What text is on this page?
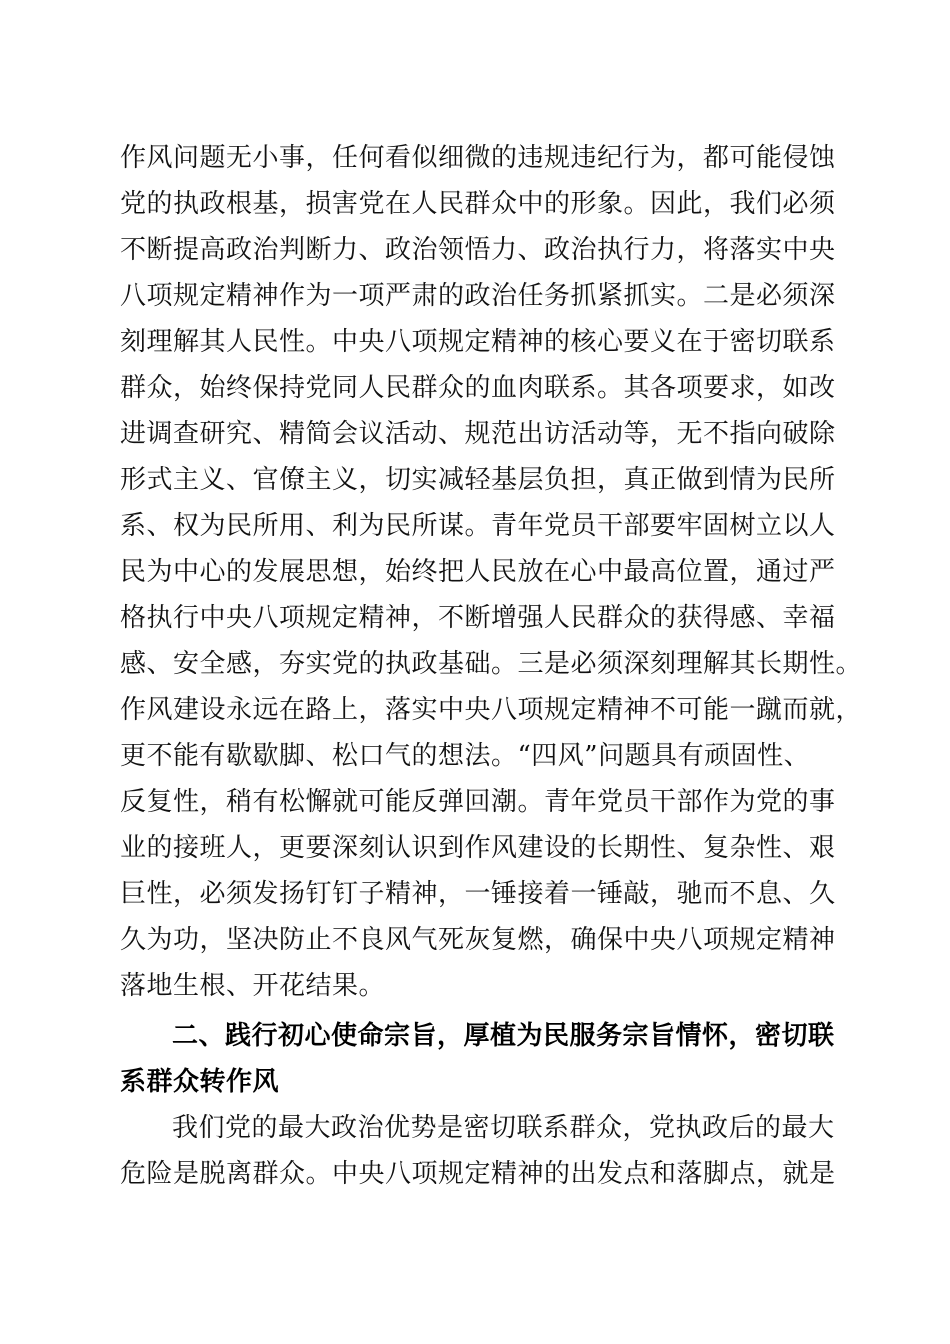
作风问题无小事，任何看似细微的违规违纪行为，都可能侵蚀
党的执政根基，损害党在人民群众中的形象。因此，我们必须
不断提高政治判断力、政治领悟力、政治执行力，将落实中央
八项规定精神作为一项严肃的政治任务抓紧抓实。二是必须深
刻理解其人民性。中央八项规定精神的核心要义在于密切联系
群众，始终保持党同人民群众的血肉联系。其各项要求，如改
进调查研究、精简会议活动、规范出访活动等，无不指向破除
形式主义、官僚主义，切实减轻基层负担，真正做到情为民所
系、权为民所用、利为民所谋。青年党员干部要牢固树立以人
民为中心的发展思想，始终把人民放在心中最高位置，通过严
格执行中央八项规定精神，不断增强人民群众的获得感、幸福
感、安全感，夯实党的执政基础。三是必须深刻理解其长期性。
作风建设永远在路上，落实中央八项规定精神不可能一蹴而就，
更不能有歇歇脚、松口气的想法。“四风”问题具有顽固性、
反复性，稍有松懈就可能反弹回潮。青年党员干部作为党的事
业的接班人，更要深刻认识到作风建设的长期性、复杂性、艰
巨性，必须发扬钉钉子精神，一锤接着一锤敲，驰而不息、久
久为功，坚决防止不良风气死灰复燃，确保中央八项规定精神
落地生根、开花结果。
二、践行初心使命宗旨，厚植为民服务宗旨情怀，密切联
系群众转作风
我们党的最大政治优势是密切联系群众，党执政后的最大
危险是脱离群众。中央八项规定精神的出发点和落脚点，就是
